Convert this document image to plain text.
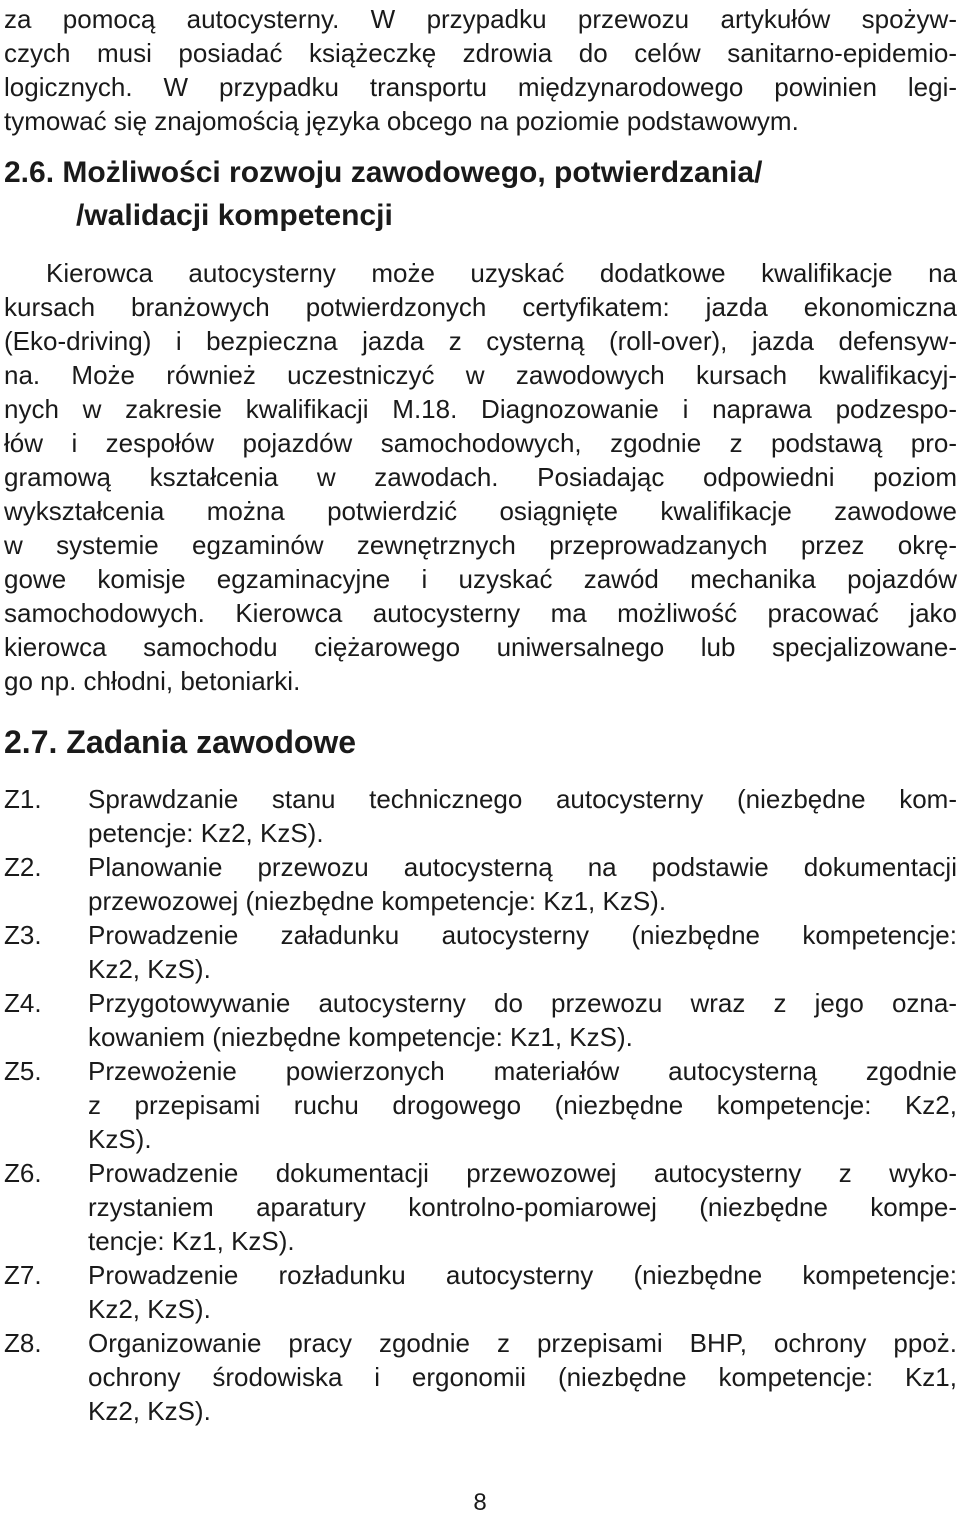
za pomocą autocysterny. W przypadku przewozu artykułów spożyw-
czych musi posiadać książeczkę zdrowia do celów sanitarno-epidemio-
logicznych. W przypadku transportu międzynarodowego powinien legi-
tymować się znajomością języka obcego na poziomie podstawowym.
2.6. Możliwości rozwoju zawodowego, potwierdzania/
/walidacji kompetencji
Kierowca autocysterny może uzyskać dodatkowe kwalifikacje na
kursach branżowych potwierdzonych certyfikatem: jazda ekonomiczna
(Eko-driving) i bezpieczna jazda z cysterną (roll-over), jazda defensyw-
na. Może również uczestniczyć w zawodowych kursach kwalifikacyj-
nych w zakresie kwalifikacji M.18. Diagnozowanie i naprawa podzespo-
łów i zespołów pojazdów samochodowych, zgodnie z podstawą pro-
gramową kształcenia w zawodach. Posiadając odpowiedni poziom
wykształcenia można potwierdzić osiągnięte kwalifikacje zawodowe
w systemie egzaminów zewnętrznych przeprowadzanych przez okrę-
gowe komisje egzaminacyjne i uzyskać zawód mechanika pojazdów
samochodowych. Kierowca autocysterny ma możliwość pracować jako
kierowca samochodu ciężarowego uniwersalnego lub specjalizowane-
go np. chłodni, betoniarki.
2.7. Zadania zawodowe
Z1. Sprawdzanie stanu technicznego autocysterny (niezbędne kom-
petencje: Kz2, KzS).
Z2. Planowanie przewozu autocysterną na podstawie dokumentacji
przewozowej (niezbędne kompetencje: Kz1, KzS).
Z3. Prowadzenie załadunku autocysterny (niezbędne kompetencje:
Kz2, KzS).
Z4. Przygotowywanie autocysterny do przewozu wraz z jego ozna-
kowaniem (niezbędne kompetencje: Kz1, KzS).
Z5. Przewożenie powierzonych materiałów autocysterną zgodnie
z przepisami ruchu drogowego (niezbędne kompetencje: Kz2,
KzS).
Z6. Prowadzenie dokumentacji przewozowej autocysterny z wyko-
rzystaniem aparatury kontrolno-pomiarowej (niezbędne kompe-
tencje: Kz1, KzS).
Z7. Prowadzenie rozładunku autocysterny (niezbędne kompetencje:
Kz2, KzS).
Z8. Organizowanie pracy zgodnie z przepisami BHP, ochrony ppoż.
ochrony środowiska i ergonomii (niezbędne kompetencje: Kz1,
Kz2, KzS).
8
